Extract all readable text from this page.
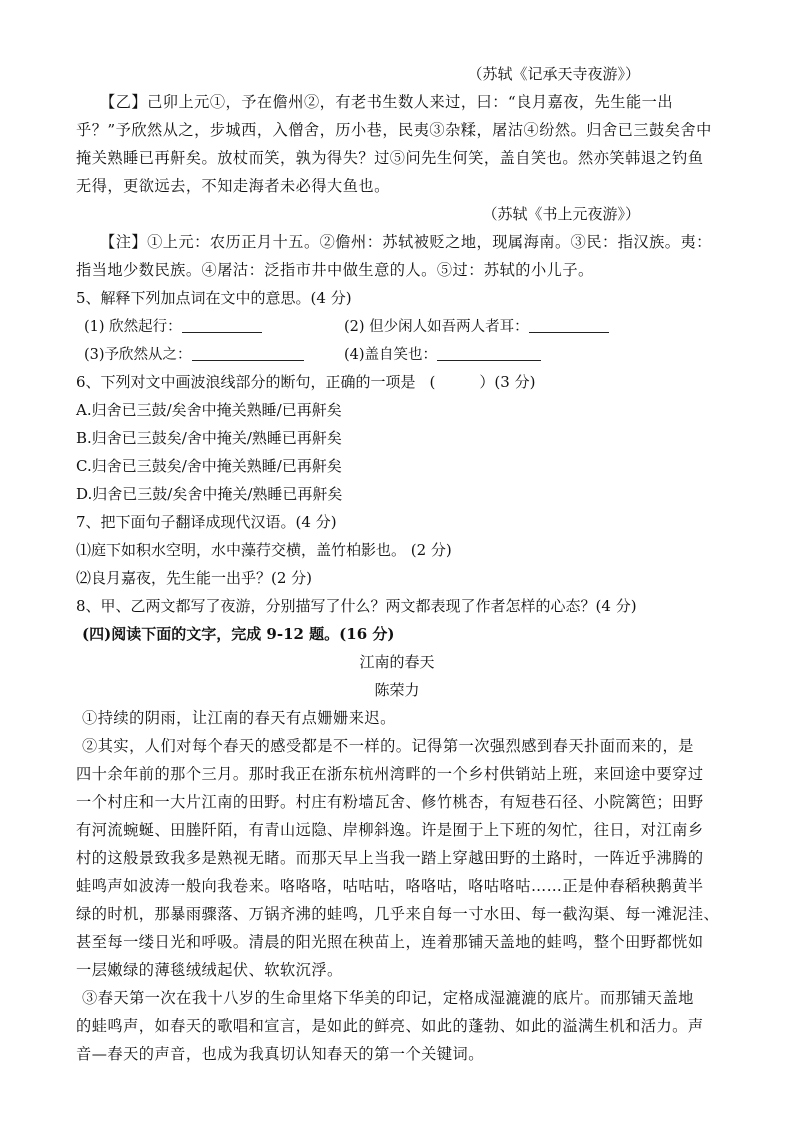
（苏轼《记承天寺夜游》）
【乙】己卯上元①，予在儋州②，有老书生数人来过，曰：“良月嘉夜，先生能一出
乎？”予欣然从之，步城西，入僧舍，历小巷，民夷③杂糅，屠沽④纷然。归舍已三鼓矣舍中
掩关熟睡已再鼾矣。放杖而笑，孰为得失？过⑤问先生何笑，盖自笑也。然亦笑韩退之钓鱼
无得，更欲远去，不知走海者未必得大鱼也。
（苏轼《书上元夜游》）
【注】①上元：农历正月十五。②儋州：苏轼被贬之地，现属海南。③民：指汉族。夷：
指当地少数民族。④屠沽：泛指市井中做生意的人。⑤过：苏轼的小儿子。
5、解释下列加点词在文中的意思。(4 分)
(1) 欣然起行：	(2) 但少闲人如吾两人者耳：
(3)予欣然从之：	(4)盖自笑也：
6、下列对文中画波浪线部分的断句，正确的一项是 (	）(3 分)
A.归舍已三鼓/矣舍中掩关熟睡/已再鼾矣
B.归舍已三鼓矣/舍中掩关/熟睡已再鼾矣
C.归舍已三鼓矣/舍中掩关熟睡/已再鼾矣
D.归舍已三鼓/矣舍中掩关/熟睡已再鼾矣
7、把下面句子翻译成现代汉语。(4 分)
⑴庭下如积水空明，水中藻荇交横，盖竹柏影也。 (2 分)
⑵良月嘉夜，先生能一出乎？(2 分)
8、甲、乙两文都写了夜游，分别描写了什么？两文都表现了作者怎样的心态？(4 分)
(四)阅读下面的文字，完成 9-12 题。(16 分)
江南的春天
陈荣力
①持续的阴雨，让江南的春天有点姗姗来迟。
②其实，人们对每个春天的感受都是不一样的。记得第一次强烈感到春天扑面而来的，是
四十余年前的那个三月。那时我正在浙东杭州湾畔的一个乡村供销站上班，来回途中要穿过
一个村庄和一大片江南的田野。村庄有粉墙瓦舍、修竹桃杏，有短巷石径、小院篱笆；田野
有河流蜿蜒、田塍阡陌，有青山远隐、岸柳斜逸。许是囿于上下班的匆忙，往日，对江南乡
村的这般景致我多是熟视无睹。而那天早上当我一踏上穿越田野的土路时，一阵近乎沸腾的
蛙鸣声如波涛一般向我卷来。咯咯咯，咕咕咕，咯咯咕，咯咕咯咕……正是仲春稻秧鹅黄半
绿的时机，那暴雨骤落、万锅齐沸的蛙鸣，几乎来自每一寸水田、每一截沟渠、每一滩泥洼、
甚至每一缕日光和呼吸。清晨的阳光照在秧苗上，连着那铺天盖地的蛙鸣，整个田野都恍如
一层嫩绿的薄毯绒绒起伏、软软沉浮。
③春天第一次在我十八岁的生命里烙下华美的印记，定格成湿漉漉的底片。而那铺天盖地
的蛙鸣声，如春天的歌唱和宣言，是如此的鲜亮、如此的蓬勃、如此的溢满生机和活力。声
音—春天的声音，也成为我真切认知春天的第一个关键词。
